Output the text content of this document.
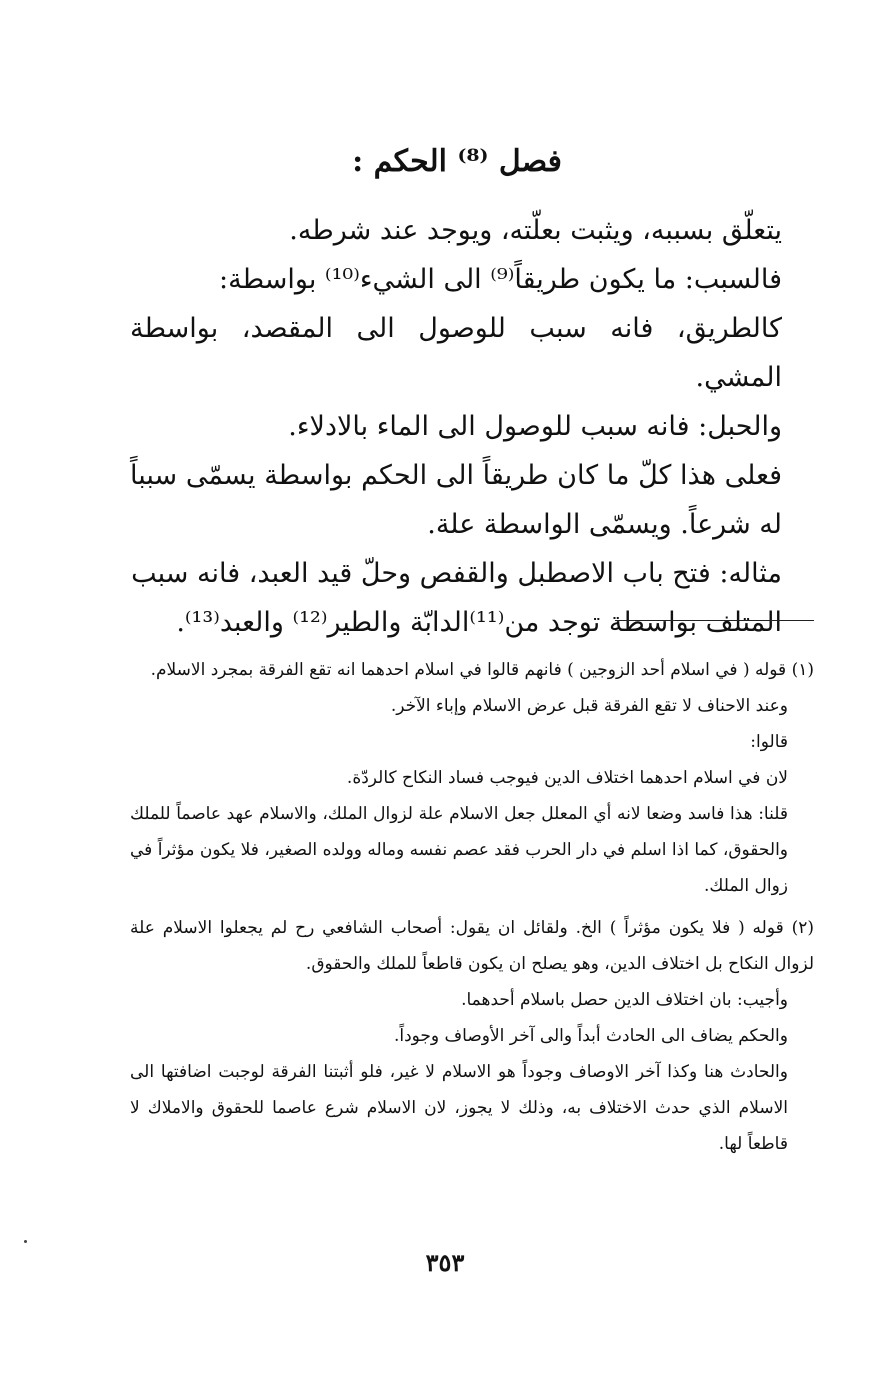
فصل ⁽⁸⁾ الحكم :

يتعلّق بسببه، ويثبت بعلّته، ويوجد عند شرطه.

فالسبب: ما يكون طريقاً⁽⁹⁾ الى الشيء⁽¹⁰⁾ بواسطة:

كالطريق، فانه سبب للوصول الى المقصد، بواسطة المشي.

والحبل: فانه سبب للوصول الى الماء بالادلاء.

فعلى هذا كلّ ما كان طريقاً الى الحكم بواسطة يسمّى سبباً له شرعاً. ويسمّى الواسطة علة.

مثاله: فتح باب الاصطبل والقفص وحلّ قيد العبد، فانه سبب المتلف بواسطة توجد من⁽¹¹⁾الدابّة والطير⁽¹²⁾ والعبد⁽¹³⁾.

(١) قوله ( في اسلام أحد الزوجين ) فانهم قالوا في اسلام احدهما انه تقع الفرقة بمجرد الاسلام.

وعند الاحناف لا تقع الفرقة قبل عرض الاسلام وإباء الآخر.

قالوا:

لان في اسلام احدهما اختلاف الدين فيوجب فساد النكاح كالردّة.

قلنا: هذا فاسد وضعا لانه أي المعلل جعل الاسلام علة لزوال الملك، والاسلام عهد عاصماً للملك والحقوق، كما اذا اسلم في دار الحرب فقد عصم نفسه وماله وولده الصغير، فلا يكون مؤثراً في زوال الملك.

(٢) قوله ( فلا يكون مؤثراً ) الخ. ولقائل ان يقول: أصحاب الشافعي رح لم يجعلوا الاسلام علة لزوال النكاح بل اختلاف الدين، وهو يصلح ان يكون قاطعاً للملك والحقوق.

وأجيب: بان اختلاف الدين حصل باسلام أحدهما.

والحكم يضاف الى الحادث أبداً والى آخر الأوصاف وجوداً.

والحادث هنا وكذا آخر الاوصاف وجوداً هو الاسلام لا غير، فلو أثبتنا الفرقة لوجبت اضافتها الى الاسلام الذي حدث الاختلاف به، وذلك لا يجوز، لان الاسلام شرع عاصما للحقوق والاملاك لا قاطعاً لها.

٣٥٣
